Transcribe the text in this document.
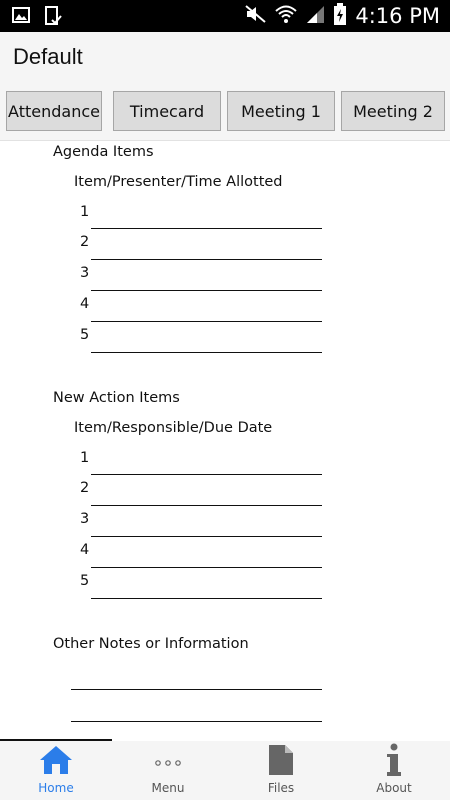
4:16 PM
Default
Attendance	Timecard	Meeting 1	Meeting 2
Agenda Items
Item/Presenter/Time Allotted
1
2
3
4
5
New Action Items
Item/Responsible/Due Date
1
2
3
4
5
Other Notes or Information
Home	Menu	Files	About
